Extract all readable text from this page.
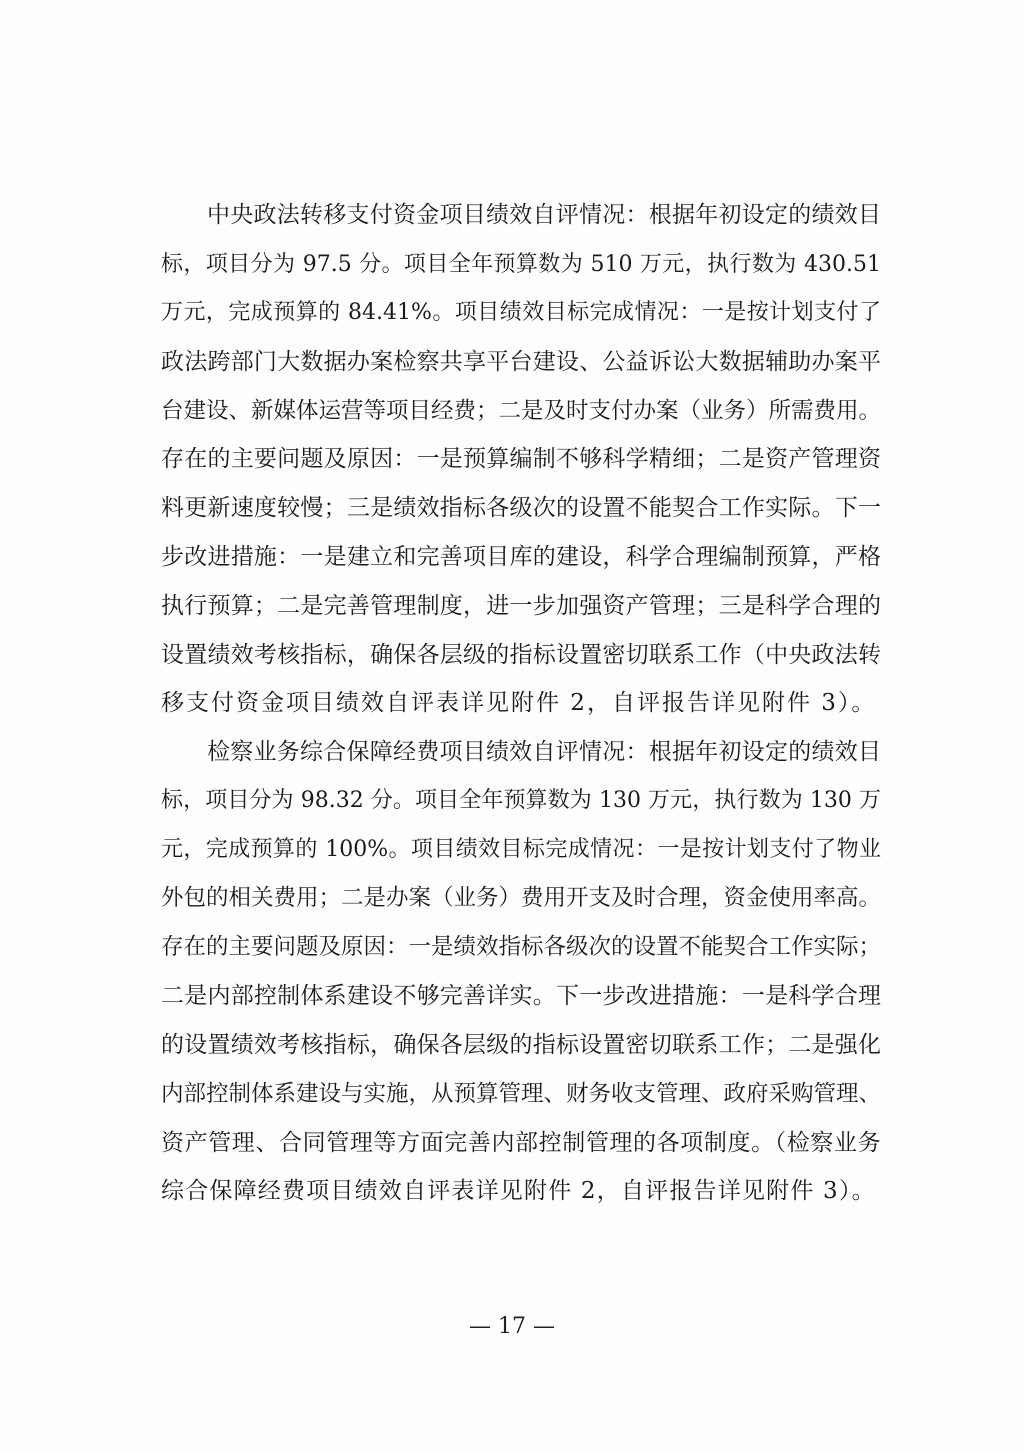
中央政法转移支付资金项目绩效自评情况：根据年初设定的绩效目
标，项目分为 97.5 分。项目全年预算数为 510 万元，执行数为 430.51
万元，完成预算的 84.41%。项目绩效目标完成情况：一是按计划支付了
政法跨部门大数据办案检察共享平台建设、公益诉讼大数据辅助办案平
台建设、新媒体运营等项目经费；二是及时支付办案（业务）所需费用。
存在的主要问题及原因：一是预算编制不够科学精细；二是资产管理资
料更新速度较慢；三是绩效指标各级次的设置不能契合工作实际。下一
步改进措施：一是建立和完善项目库的建设，科学合理编制预算，严格
执行预算；二是完善管理制度，进一步加强资产管理；三是科学合理的
设置绩效考核指标，确保各层级的指标设置密切联系工作（中央政法转
移支付资金项目绩效自评表详见附件 2，自评报告详见附件 3）。
检察业务综合保障经费项目绩效自评情况：根据年初设定的绩效目
标，项目分为 98.32 分。项目全年预算数为 130 万元，执行数为 130 万
元，完成预算的 100%。项目绩效目标完成情况：一是按计划支付了物业
外包的相关费用；二是办案（业务）费用开支及时合理，资金使用率高。
存在的主要问题及原因：一是绩效指标各级次的设置不能契合工作实际；
二是内部控制体系建设不够完善详实。下一步改进措施：一是科学合理
的设置绩效考核指标，确保各层级的指标设置密切联系工作；二是强化
内部控制体系建设与实施，从预算管理、财务收支管理、政府采购管理、
资产管理、合同管理等方面完善内部控制管理的各项制度。（检察业务
综合保障经费项目绩效自评表详见附件 2，自评报告详见附件 3）。
— 17 —
